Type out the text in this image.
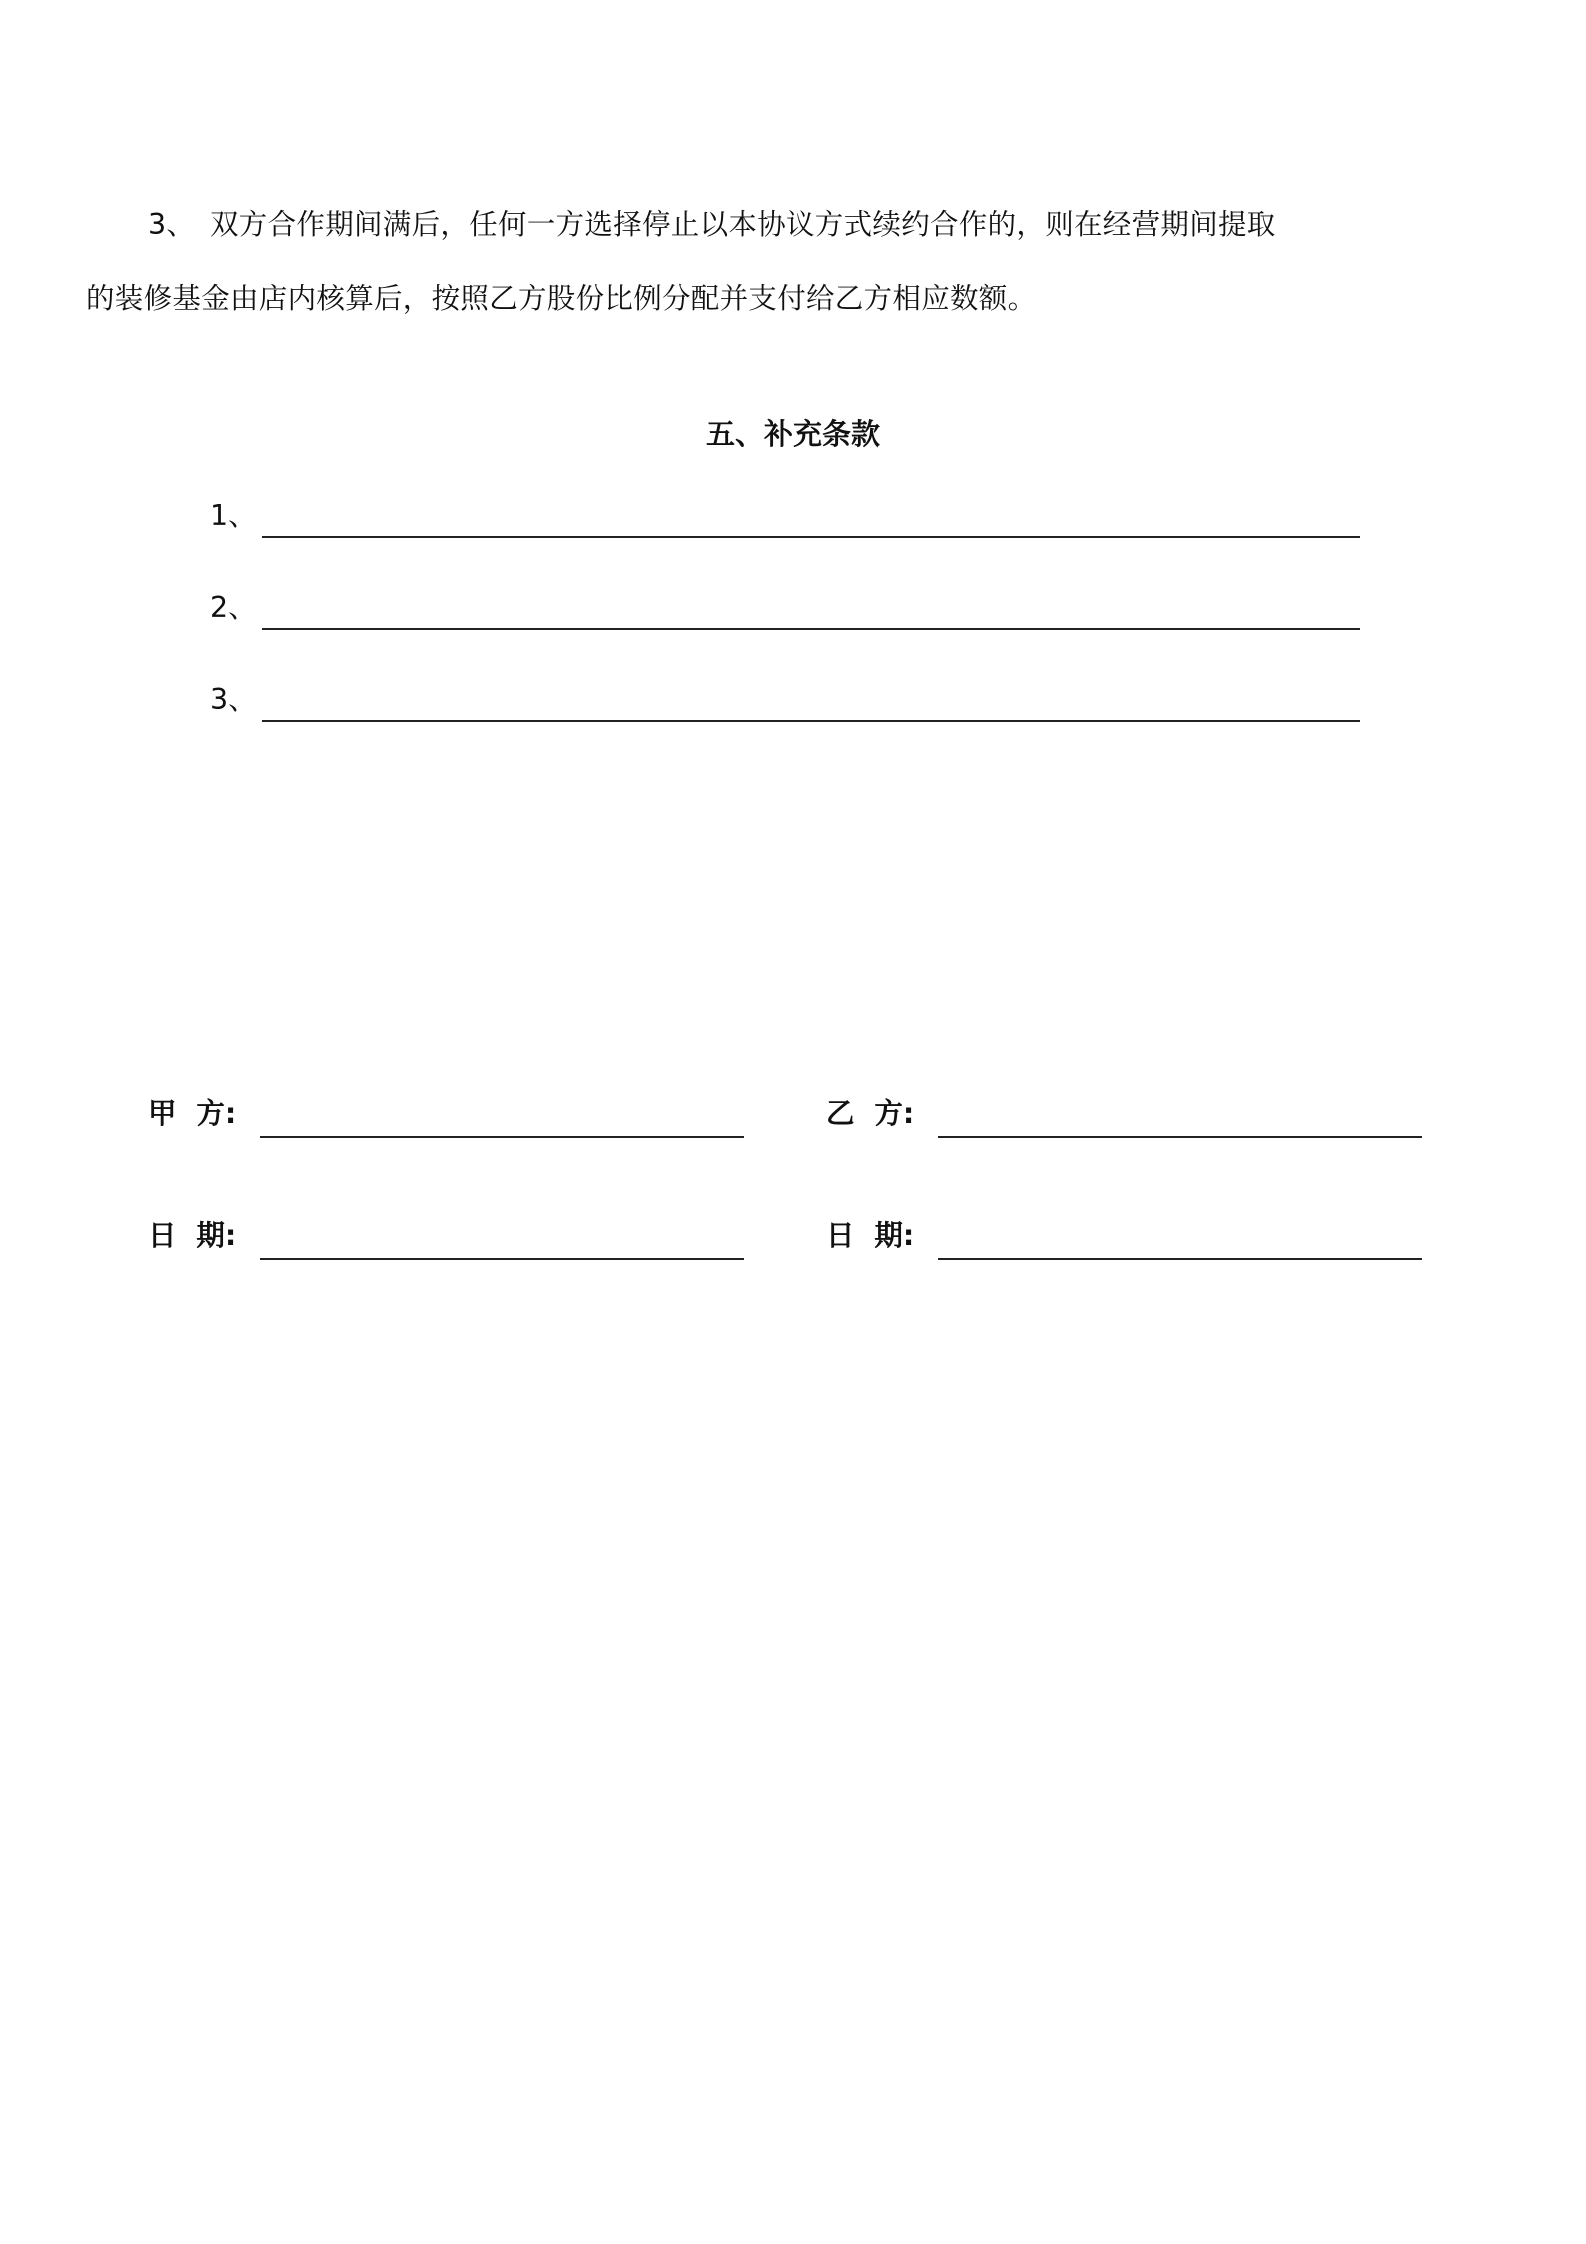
3、 双方合作期间满后，任何一方选择停止以本协议方式续约合作的，则在经营期间提取
的装修基金由店内核算后，按照乙方股份比例分配并支付给乙方相应数额。

五、补充条款
1、
2、
3、
甲  方:	乙  方:
日  期:	日  期:
